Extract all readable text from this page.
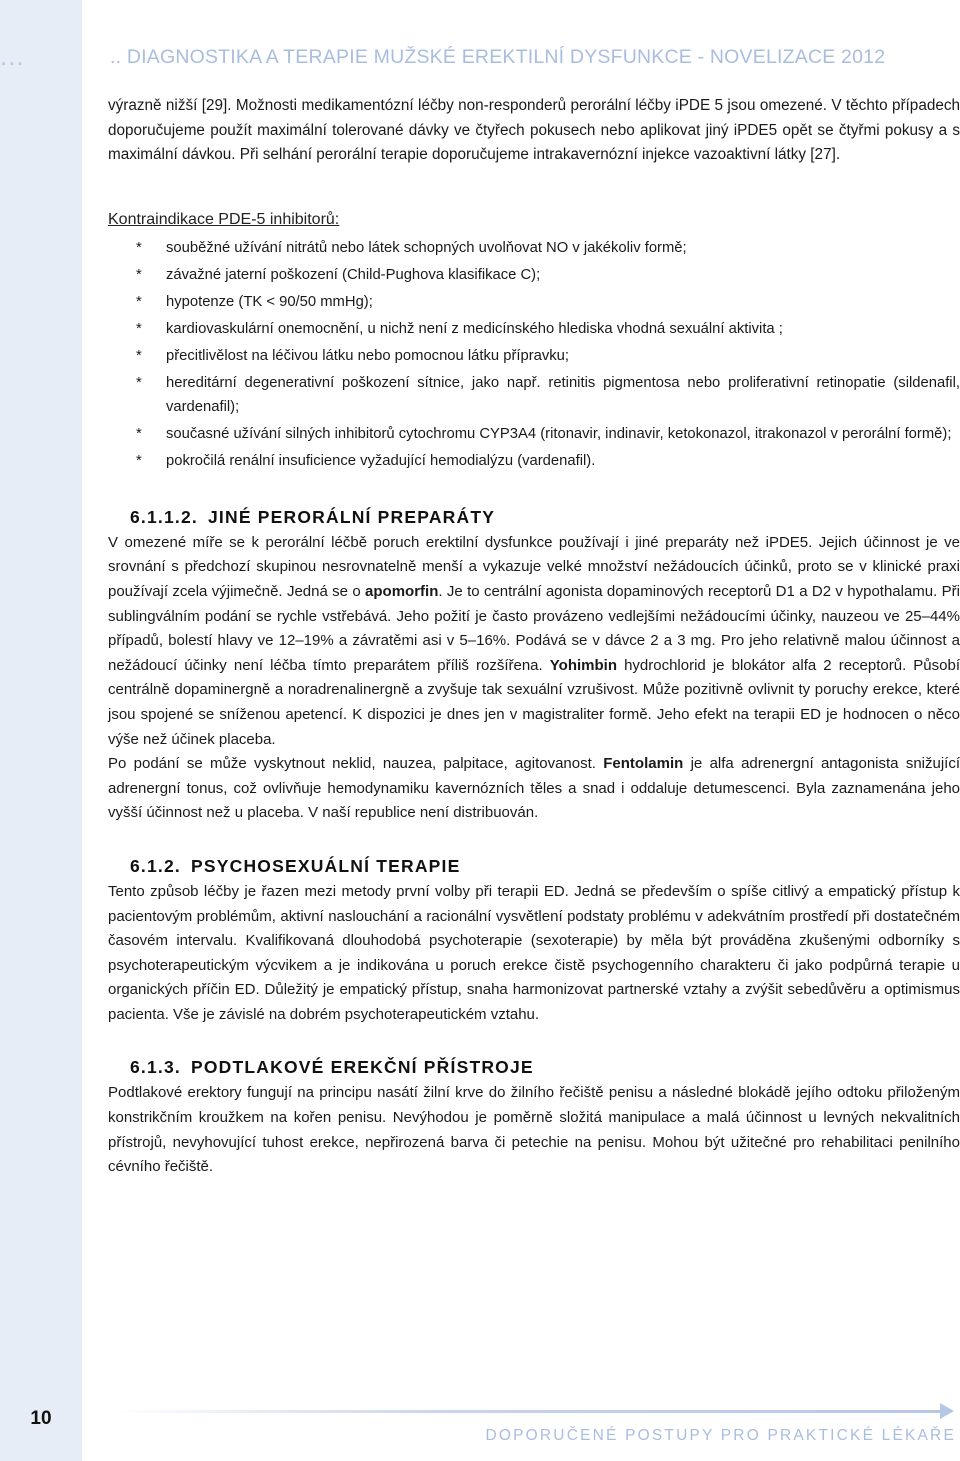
...	.. DIAGNOSTIKA A TERAPIE MUŽSKÉ EREKTILNÍ DYSFUNKCE - NOVELIZACE 2012

výrazně nižší [29]. Možnosti medikamentózní léčby non-responderů perorální léčby iPDE 5 jsou omezené. V těchto případech doporučujeme použít maximální tolerované dávky ve čtyřech pokusech nebo aplikovat jiný iPDE5 opět se čtyřmi pokusy a s maximální dávkou. Při selhání perorální terapie doporučujeme intrakavernózní injekce vazoaktivní látky [27].

Kontraindikace PDE-5 inhibitorů:
* souběžné užívání nitrátů nebo látek schopných uvolňovat NO v jakékoliv formě;
* závažné jaterní poškození (Child-Pughova klasifikace C);
* hypotenze (TK < 90/50 mmHg);
* kardiovaskulární onemocnění, u nichž není z medicínského hlediska vhodná sexuální aktivita ;
* přecitlivělost na léčivou látku nebo pomocnou látku přípravku;
* hereditární degenerativní poškození sítnice, jako např. retinitis pigmentosa nebo proliferativní retinopatie (sildenafil, vardenafil);
* současné užívání silných inhibitorů cytochromu CYP3A4 (ritonavir, indinavir, ketokonazol, itrakonazol v perorální formě);
* pokročilá renální insuficience vyžadující hemodialýzu (vardenafil).
6.1.1.2. JINÉ PERORÁLNÍ PREPARÁTY

V omezené míře se k perorální léčbě poruch erektilní dysfunkce používají i jiné preparáty než iPDE5. Jejich účinnost je ve srovnání s předchozí skupinou nesrovnatelně menší a vykazuje velké množství nežádoucích účinků, proto se v klinické praxi používají zcela výjimečně. Jedná se o apomorfin. Je to centrální agonista dopaminových receptorů D1 a D2 v hypothalamu. Při sublingválním podání se rychle vstřebává. Jeho požití je často provázeno vedlejšími nežádoucími účinky, nauzeou ve 25–44% případů, bolestí hlavy ve 12–19% a závratěmi asi v 5–16%. Podává se v dávce 2 a 3 mg. Pro jeho relativně malou účinnost a nežádoucí účinky není léčba tímto preparátem příliš rozšířena. Yohimbin hydrochlorid je blokátor alfa 2 receptorů. Působí centrálně dopaminergně a noradrenalinergně a zvyšuje tak sexuální vzrušivost. Může pozitivně ovlivnit ty poruchy erekce, které jsou spojené se sníženou apetencí. K dispozici je dnes jen v magistraliter formě. Jeho efekt na terapii ED je hodnocen o něco výše než účinek placeba.

Po podání se může vyskytnout neklid, nauzea, palpitace, agitovanost. Fentolamin je alfa adrenergní antagonista snižující adrenergní tonus, což ovlivňuje hemodynamiku kavernózních těles a snad i oddaluje detumescenci. Byla zaznamenána jeho vyšší účinnost než u placeba. V naší republice není distribuován.

6.1.2. PSYCHOSEXUÁLNÍ TERAPIE

Tento způsob léčby je řazen mezi metody první volby při terapii ED. Jedná se především o spíše citlivý a empatický přístup k pacientovým problémům, aktivní naslouchání a racionální vysvětlení podstaty problému v adekvátním prostředí při dostatečném časovém intervalu. Kvalifikovaná dlouhodobá psychoterapie (sexoterapie) by měla být prováděna zkušenými odborníky s psychoterapeutickým výcvikem a je indikována u poruch erekce čistě psychogenního charakteru či jako podpůrná terapie u organických příčin ED. Důležitý je empatický přístup, snaha harmonizovat partnerské vztahy a zvýšit sebedůvěru a optimismus pacienta. Vše je závislé na dobrém psychoterapeutickém vztahu.

6.1.3. PODTLAKOVÉ EREKČNÍ PŘÍSTROJE

Podtlakové erektory fungují na principu nasátí žilní krve do žilního řečiště penisu a následné blokádě jejího odtoku přiloženým konstrikčním kroužkem na kořen penisu. Nevýhodou je poměrně složitá manipulace a malá účinnost u levných nekvalitních přístrojů, nevyhovující tuhost erekce, nepřirozená barva či petechie na penisu. Mohou být užitečné pro rehabilitaci penilního cévního řečiště.

10
DOPORUČENÉ POSTUPY PRO PRAKTICKÉ LÉKAŘE
